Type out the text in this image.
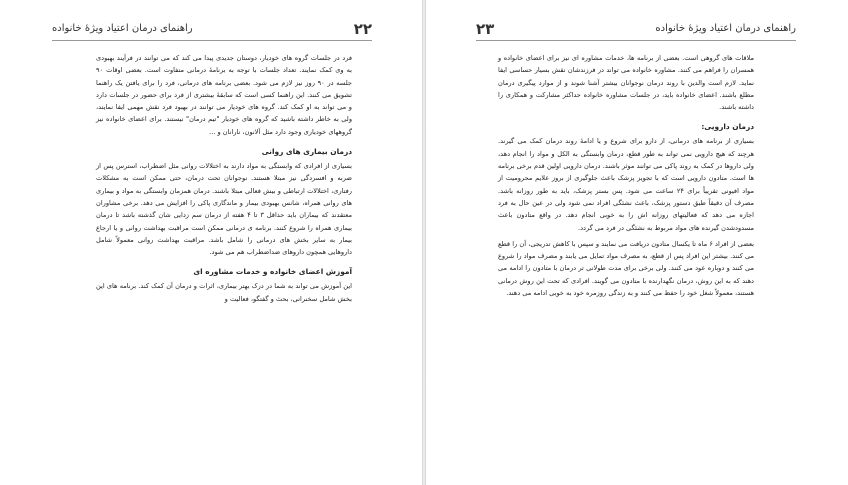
راهنمای درمان اعتیاد ویژهٔ خانواده	۲۲

فرد در جلسات گروه های خودیار، دوستان جدیدی پیدا می کند که می توانند در فرآیند بهبودی به وی کمک نمایند. تعداد جلسات با توجه به برنامهٔ درمانی متفاوت است. بعضی اوقات ۹۰ جلسه در ۹۰ روز نیز لازم می شود. بعضی برنامه های درمانی، فرد را برای یافتن یک راهنما تشویق می کنند. این راهنما کسی است که سابقهٔ بیشتری از فرد برای حضور در جلسات دارد و می تواند به او کمک کند. گروه های خودیار می توانند در بهبود فرد نقش مهمی ایفا نمایند، ولی به خاطر داشته باشید که گروه های خودیار "تیم درمان" نیستند. برای اعضای خانواده نیز گروههای خودیاری وجود دارد مثل آلانون، نارانان و ...

درمان بیماری های روانی

بسیاری از افرادی که وابستگی به مواد دارند به اختلالات روانی مثل اضطراب، استرس پس از ضربه و افسردگی نیز مبتلا هستند. نوجوانان تحت درمان، حتی ممکن است به مشکلات رفتاری، اختلالات ارتباطی و بیش فعالی مبتلا باشند. درمان همزمان وابستگی به مواد و بیماری های روانی همراه، شانس بهبودی بیمار و ماندگاری پاکی را افزایش می دهد. برخی مشاوران معتقدند که بیماران باید حداقل ۳ تا ۴ هفته از درمان سم زدایی شان گذشته باشد تا درمان بیماری همراه را شروع کنند. برنامه ی درمانی ممکن است مراقبت بهداشت روانی و یا ارجاع بیمار به سایر بخش های درمانی را شامل باشد. مراقبت بهداشت روانی معمولاً شامل داروهایی همچون داروهای ضداضطراب هم می شود.

آموزش اعضای خانواده و خدمات مشاوره ای

این آموزش می تواند به شما در درک بهتر بیماری، اثرات و درمان آن کمک کند. برنامه های این بخش شامل سخنرانی، بحث و گفتگو، فعالیت و

راهنمای درمان اعتیاد ویژهٔ خانواده
۲۳

ملاقات های گروهی است. بعضی از برنامه ها، خدمات مشاوره ای نیز برای اعضای خانواده و همسران را فراهم می کنند. مشاوره خانواده می تواند در فرزندشان نقش بسیار حساسی ایفا نماید. لازم است والدین با روند درمان نوجوانان بیشتر آشنا شوند و از موارد پیگیری درمان مطلع باشند. اعضای خانواده باید، در جلسات مشاوره خانواده حداکثر مشارکت و همکاری را داشته باشند.

درمان دارویی:

بسیاری از برنامه های درمانی، از دارو برای شروع و یا ادامهٔ روند درمان کمک می گیرند. هرچند که هیچ دارویی نمی تواند به طور قطع، درمان وابستگی به الکل و مواد را انجام دهد، ولی داروها در کمک به روند پاکی می توانند موثر باشند. درمان دارویی اولین قدم برخی برنامه ها است. متادون دارویی است که با تجویز پزشک باعث جلوگیری از بروز علایم محرومیت از مواد افیونی تقریباً برای ۲۴ ساعت می شود. پس بستر پزشک، باید به طور روزانه باشد. مصرف آن دقیقاً طبق دستور پزشک، باعث نشئگی افراد نمی شود ولی در عین حال به فرد اجازه می دهد که فعالیتهای روزانه اش را به خوبی انجام دهد. در واقع متادون باعث مسدودشدن گیرنده های مواد مربوط به نشئگی در فرد می گردد.

بعضی از افراد ۶ ماه تا یکسال متادون دریافت می نمایند و سپس با کاهش تدریجی، آن را قطع می کنند. بیشتر این افراد پس از قطع، به مصرف مواد تمایل می یابند و مصرف مواد را شروع می کنند و دوباره عود می کنند. ولی برخی برای مدت طولانی تر درمان با متادون را ادامه می دهند که به این روش، درمان نگهدارنده با متادون می گویند. افرادی که تحت این روش درمانی هستند، معمولاً شغل خود را حفظ می کنند و به زندگی روزمره خود به خوبی ادامه می دهند.
